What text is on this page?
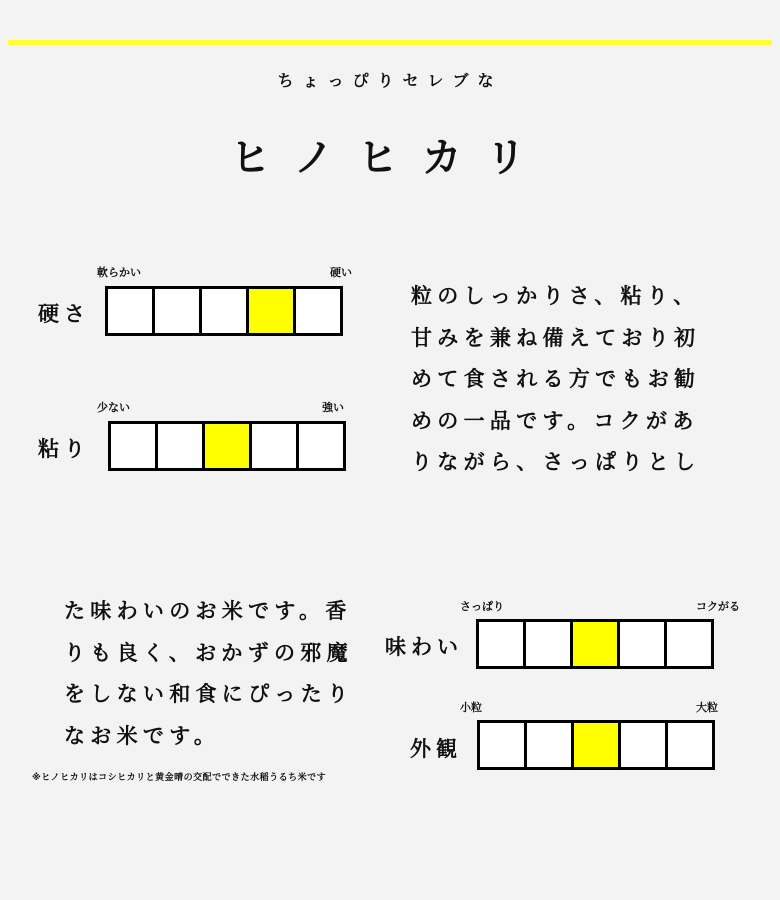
ちょっぴりセレブな
ヒノヒカリ
軟らかい	硬い
硬さ
少ない	強い
粘り
さっぱり	コクがる
味わい
小粒	大粒
外観
粒のしっかりさ、粘り、
甘みを兼ね備えており初
めて食される方でもお勧
めの一品です。コクがあ
りながら、さっぱりとし
た味わいのお米です。香
りも良く、おかずの邪魔
をしない和食にぴったり
なお米です。
※ヒノヒカリはコシヒカリと黄金晴の交配でできた水稲うるち米です
